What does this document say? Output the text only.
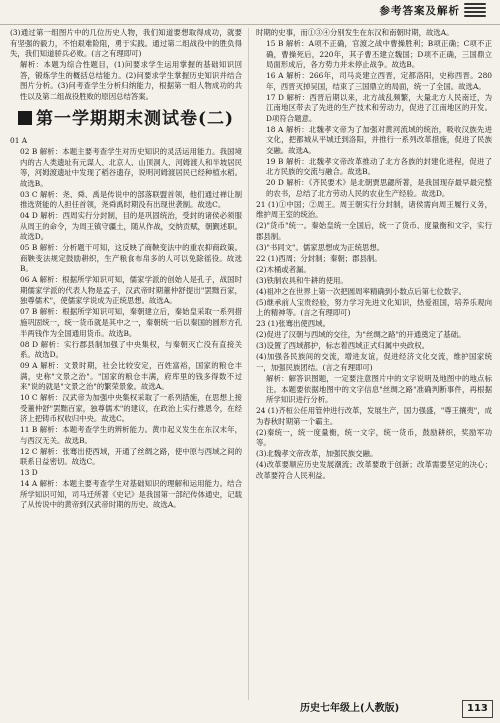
参考答案及解析

(3)通过第一组图片中的几位历史人物，我们知道要想取得成功，就要有坚强的毅力，不怕艰难险阻，勇于实践。通过第二组战役中的胜负得失，我们知道骄兵必败。(言之有理即可)

解析：本题为综合性题目，(1)问要求学生运用掌握的基础知识回答，锻炼学生的概括总结能力。(2)问要求学生掌握历史知识并结合图片分析。(3)问考查学生分析归纳能力，根据第一组人物成功的共性以及第二组战役胜败的原因总结答案。

第一学期期末测试卷(二)

01 A

02 B 解析：本题主要考查学生对历史知识的灵活运用能力。我国境内的古人类遗址有元谋人、北京人、山顶洞人、河姆渡人和半坡居民等，河姆渡遗址中发现了稻谷遗存，说明河姆渡居民已经种植水稻。故选B。

03 C 解析：尧、舜、禹是传说中的部落联盟首领，他们通过禅让制推选贤能的人担任首领，尧舜禹时期没有出现世袭制。故选C。

04 D 解析：西周实行分封制，目的是巩固统治，受封的诸侯必须服从周王的命令，为周王镇守疆土，随从作战，交纳贡赋，朝觐述职。故选D。

05 B 解析：分析题干可知，这反映了商鞅变法中的重农抑商政策。商鞅变法规定鼓励耕织，生产粮食布帛多的人可以免除徭役。故选B。

06 A 解析：根据所学知识可知，儒家学派的创始人是孔子，战国时期儒家学派的代表人物是孟子，汉武帝时期董仲舒提出"罢黜百家，独尊儒术"，使儒家学说成为正统思想。故选A。

07 B 解析：根据所学知识可知，秦朝建立后，秦始皇采取一系列措施巩固统一，统一货币就是其中之一，秦朝统一后以秦国的圆形方孔半两钱作为全国通用货币。故选B。

08 D 解析：实行郡县制加强了中央集权，与秦朝灭亡没有直接关系。故选D。

09 A 解析：文景时期，社会比较安定，百姓富裕，国家的粮仓丰满，史称"文景之治"。"国家的粮仓丰满，府库里的钱多得数不过来"说的就是"文景之治"的繁荣景象。故选A。

10 C 解析：汉武帝为加强中央集权采取了一系列措施，在思想上接受董仲舒"罢黜百家，独尊儒术"的建议，在政治上实行推恩令，在经济上把铸币权收归中央。故选C。

11 B 解析：本题考查学生的辨析能力。黄巾起义发生在东汉末年，与西汉无关。故选B。

12 C 解析：张骞出使西域，开通了丝绸之路，使中原与西域之间的联系日益密切。故选C。

13 D

14 A 解析：本题主要考查学生对基础知识的理解和运用能力。结合所学知识可知，司马迁所著《史记》是我国第一部纪传体通史，记载了从传说中的黄帝到汉武帝时期的历史。故选A。

时期的史事，而①③④分别发生在东汉和南朝时期，故选A。

15 B 解析：A项不正确，官渡之战中曹操胜利；B项正确；C项不正确，曹操死后，220年，其子曹丕建立魏国；D项不正确，三国鼎立局面形成后，各方势力并未停止战争。故选B。

16 A 解析：266年，司马炎建立西晋，定都洛阳，史称西晋。280年，西晋灭掉吴国，结束了三国鼎立的局面，统一了全国。故选A。

17 D 解析：西晋后期以来，北方战乱频繁，大量北方人民南迁，为江南地区带去了先进的生产技术和劳动力，促进了江南地区的开发。D项符合题意。

18 A 解析：北魏孝文帝为了加强对黄河流域的统治，吸收汉族先进文化，把都城从平城迁到洛阳，并推行一系列改革措施，促进了民族交融。故选A。

19 B 解析：北魏孝文帝改革推动了北方各族的封建化进程，促进了北方民族的交流与融合。故选B。

20 D 解析：《齐民要术》是北朝贾思勰所著，是我国现存最早最完整的农书，总结了北方劳动人民的农业生产经验。故选D。

21 (1)①中国；②周王。周王朝实行分封制，诸侯需向周王履行义务，维护周王室的统治。

(2)"货币"统一。秦始皇统一全国后，统一了货币、度量衡和文字，实行郡县制。

(3)"书同文"。儒家思想成为正统思想。

22 (1)西周；分封制；秦朝；郡县制。

(2)木桶或者漏。

(3)铁制农具和牛耕的使用。

(4)祖冲之在世界上第一次把圆周率精确到小数点后第七位数字。

(5)继承前人宝贵经验，努力学习先进文化知识，热爱祖国，培养乐观向上的精神等。(言之有理即可)

23 (1)张骞出使西域。

(2)促进了汉朝与西域的交往，为"丝绸之路"的开通奠定了基础。

(3)设置了西域都护，标志着西域正式归属中央政权。

(4)加强各民族间的交流，增进友谊，促进经济文化交流，维护国家统一，加强民族团结。(言之有理即可)

解析：解答识图题，一定要注意图片中的文字说明及地图中的地点标注。本题要依据地图中的文字信息"丝绸之路"准确判断事件，再根据所学知识进行分析。

24 (1)齐桓公任用管仲进行改革，发展生产，国力强盛，"尊王攘夷"，成为春秋时期第一个霸主。

(2)秦统一，统一度量衡，统一文字，统一货币，鼓励耕织，奖励军功等。

(3)北魏孝文帝改革，加强民族交融。

(4)改革要顺应历史发展潮流；改革要敢于创新；改革需要坚定的决心；改革要符合人民利益。

历史七年级上(人教版)	113
